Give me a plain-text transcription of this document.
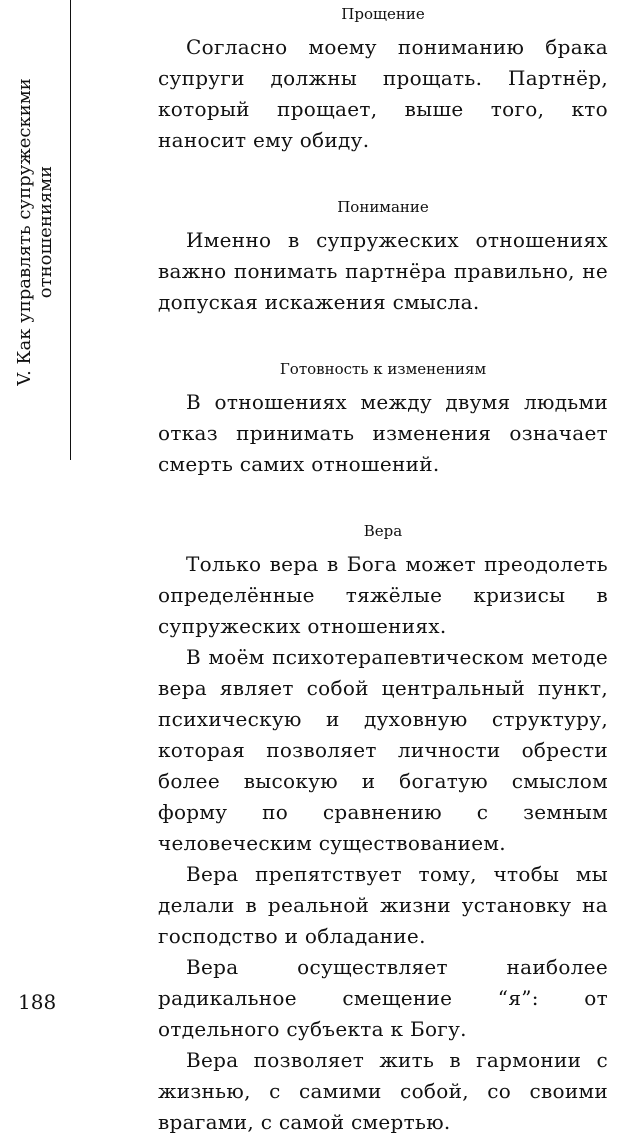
V. Как управлять супружескими отношениями
Прощение

Согласно моему пониманию брака супруги должны прощать. Партнёр, который прощает, выше того, кто наносит ему обиду.

Понимание

Именно в супружеских отношениях важно понимать партнёра правильно, не допуская искажения смысла.

Готовность к изменениям

В отношениях между двумя людьми отказ принимать изменения означает смерть самих отношений.

Вера

Только вера в Бога может преодолеть определённые тяжёлые кризисы в супружеских отношениях.

В моём психотерапевтическом методе вера являет собой центральный пункт, психическую и духовную структуру, которая позволяет личности обрести более высокую и богатую смыслом форму по сравнению с земным человеческим существованием.

Вера препятствует тому, чтобы мы делали в реальной жизни установку на господство и обладание.

Вера осуществляет наиболее радикальное смещение “я”: от отдельного субъекта к Богу.

Вера позволяет жить в гармонии с жизнью, с самими собой, со своими врагами, с самой смертью.

188
